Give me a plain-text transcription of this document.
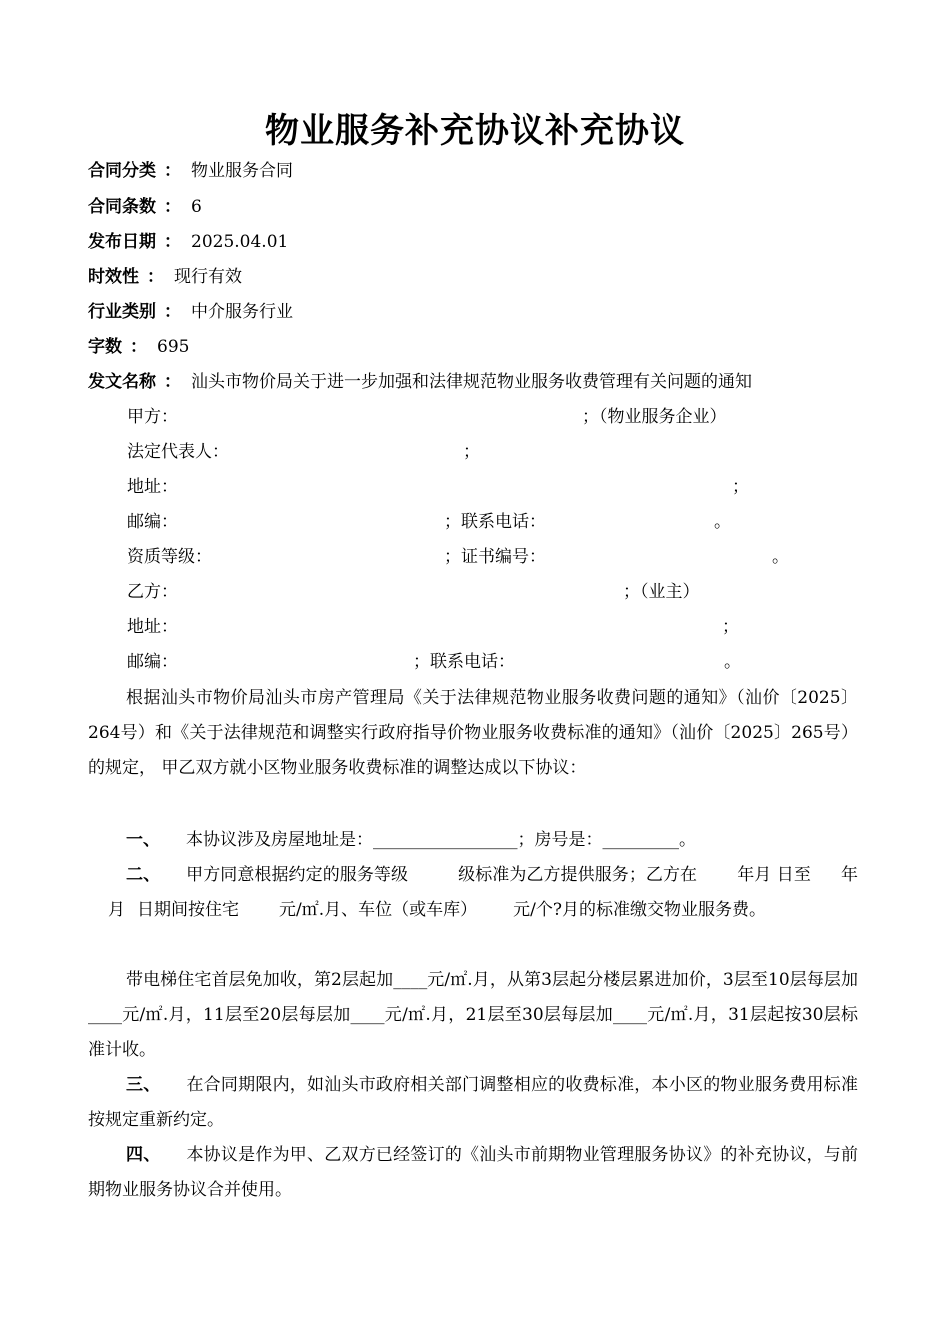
物业服务补充协议补充协议
合同分类 ： 物业服务合同
合同条数 ： 6
发布日期 ： 2025.04.01
时效性 ： 现行有效
行业类别 ： 中介服务行业
字数 ： 695
发文名称 ： 汕头市物价局关于进一步加强和法律规范物业服务收费管理有关问题的通知
甲方：	；（物业服务企业）
法定代表人：	；
地址：	；
邮编：	；联系电话：	。
资质等级：	；证书编号：	。
乙方：	；（业主）
地址：	；
邮编：	；联系电话：	。

根据汕头市物价局汕头市房产管理局《关于法律规范物业服务收费问题的通知》（汕价〔2025〕264号）和《关于法律规范和调整实行政府指导价物业服务收费标准的通知》（汕价〔2025〕265号）的规定， 甲乙双方就小区物业服务收费标准的调整达成以下协议：

一、 本协议涉及房屋地址是：_________________；房号是：_________。

二、 甲方同意根据约定的服务等级	级标准为乙方提供服务；乙方在 年月 日至 年月 日期间按住宅 元/㎡.月、车位（或车库） 元/个?月的标准缴交物业服务费。

带电梯住宅首层免加收，第2层起加____元/㎡.月，从第3层起分楼层累进加价，3层至10层每层加____元/㎡.月，11层至20层每层加____元/㎡.月，21层至30层每层加____元/㎡.月，31层起按30层标准计收。

三、 在合同期限内，如汕头市政府相关部门调整相应的收费标准，本小区的物业服务费用标准按规定重新约定。

四、 本协议是作为甲、乙双方已经签订的《汕头市前期物业管理服务协议》的补充协议，与前期物业服务协议合并使用。
